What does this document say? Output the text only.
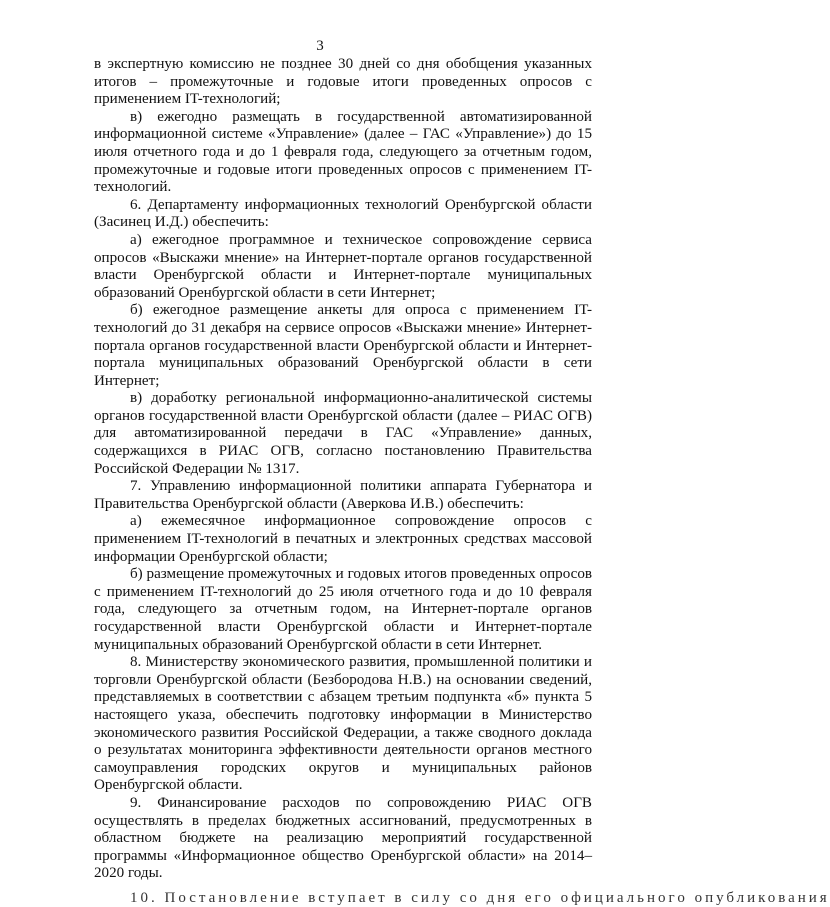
3

в экспертную комиссию не позднее 30 дней со дня обобщения указанных итогов – промежуточные и годовые итоги проведенных опросов с применением IT-технологий;

в) ежегодно размещать в государственной автоматизированной информационной системе «Управление» (далее – ГАС «Управление») до 15 июля отчетного года и до 1 февраля года, следующего за отчетным годом, промежуточные и годовые итоги проведенных опросов с применением IT-технологий.

6. Департаменту информационных технологий Оренбургской области (Засинец И.Д.) обеспечить:

а) ежегодное программное и техническое сопровождение сервиса опросов «Выскажи мнение» на Интернет-портале органов государственной власти Оренбургской области и Интернет-портале муниципальных образований Оренбургской области в сети Интернет;

б) ежегодное размещение анкеты для опроса с применением IT-технологий до 31 декабря на сервисе опросов «Выскажи мнение» Интернет-портала органов государственной власти Оренбургской области и Интернет-портала муниципальных образований Оренбургской области в сети Интернет;

в) доработку региональной информационно-аналитической системы органов государственной власти Оренбургской области (далее – РИАС ОГВ) для автоматизированной передачи в ГАС «Управление» данных, содержащихся в РИАС ОГВ, согласно постановлению Правительства Российской Федерации № 1317.

7. Управлению информационной политики аппарата Губернатора и Правительства Оренбургской области (Аверкова И.В.) обеспечить:

а) ежемесячное информационное сопровождение опросов с применением IT-технологий в печатных и электронных средствах массовой информации Оренбургской области;

б) размещение промежуточных и годовых итогов проведенных опросов с применением IT-технологий до 25 июля отчетного года и до 10 февраля года, следующего за отчетным годом, на Интернет-портале органов государственной власти Оренбургской области и Интернет-портале муниципальных образований Оренбургской области в сети Интернет.

8. Министерству экономического развития, промышленной политики и торговли Оренбургской области (Безбородова Н.В.) на основании сведений, представляемых в соответствии с абзацем третьим подпункта «б» пункта 5 настоящего указа, обеспечить подготовку информации в Министерство экономического развития Российской Федерации, а также сводного доклада о результатах мониторинга эффективности деятельности органов местного самоуправления городских округов и муниципальных районов Оренбургской области.

9. Финансирование расходов по сопровождению РИАС ОГВ осуществлять в пределах бюджетных ассигнований, предусмотренных в областном бюджете на реализацию мероприятий государственной программы «Информационное общество Оренбургской области» на 2014–2020 годы.

10. Постановление вступает в силу со дня его официального опубликования
